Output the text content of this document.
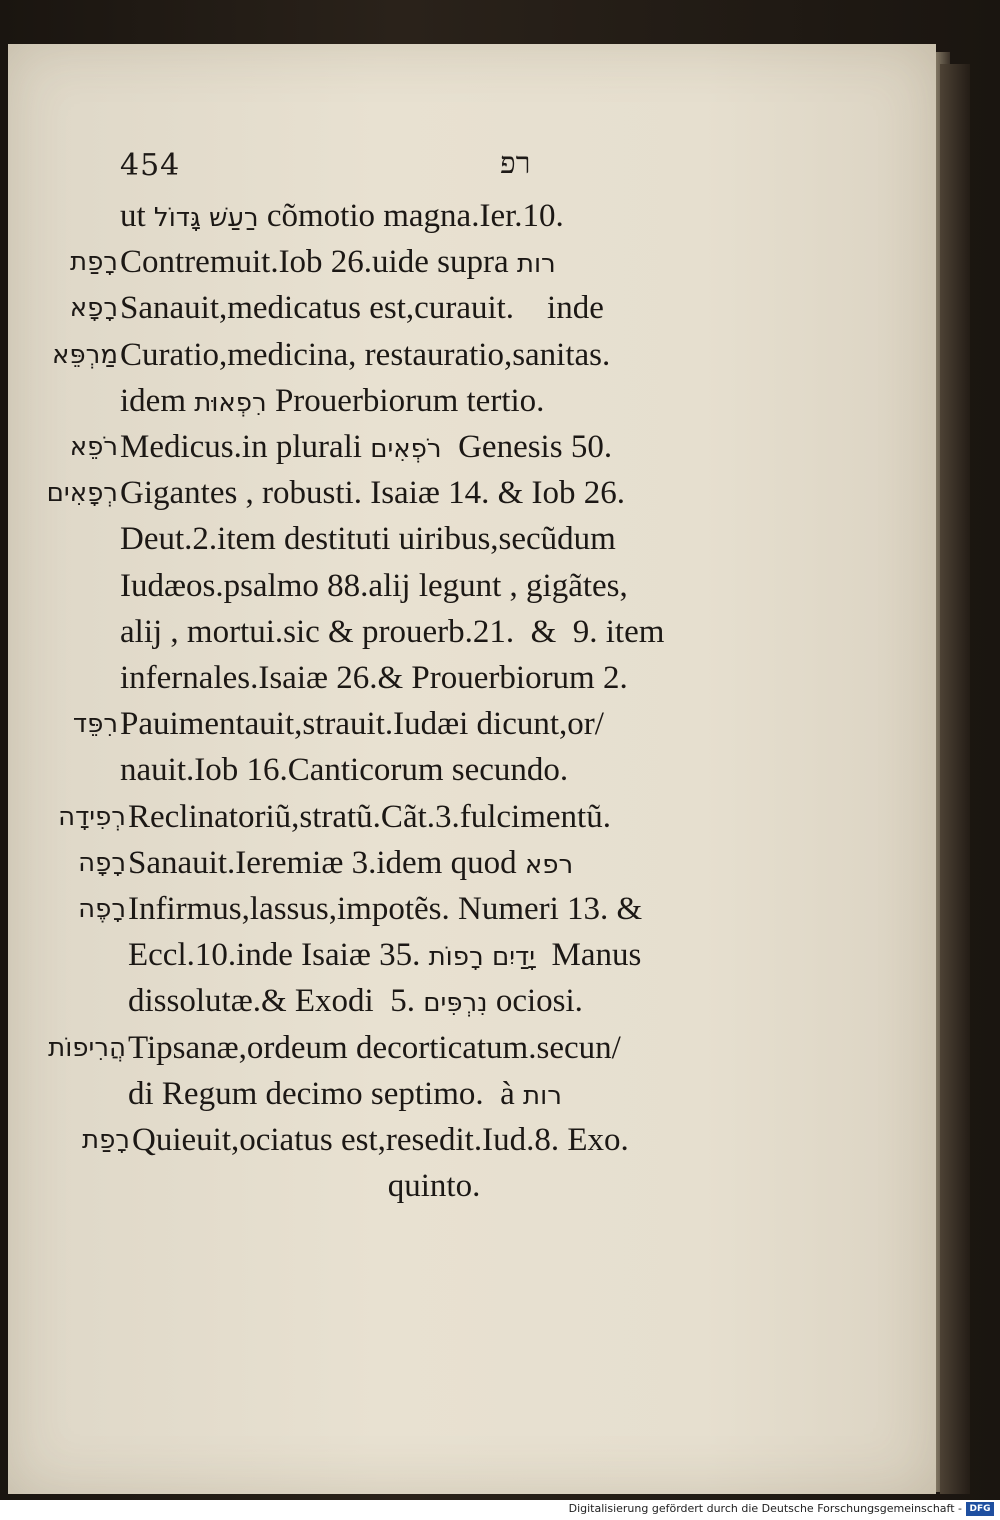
454	רפ
ut רַעַשׁ גָּדוֹל cõmotio magna.Ier.10.
רָפַת Contremuit.Iob 26.uide supra רות
רָפָא Sanauit,medicatus est,curauit.    inde
מַרְפֵּא Curatio,medicina, restauratio,sanitas.
idem רִפְאוּת Prouerbiorum tertio.
רֹפֵא Medicus.in plurali רֹפְאִים  Genesis 50.
רְפָאִים Gigantes , robusti. Isaiæ 14. & Iob 26.
Deut.2.item destituti uiribus,secũdum
Iudæos.psalmo 88.alij legunt , gigãtes,
alij , mortui.sic & prouerb.21.  &  9. item
infernales.Isaiæ 26.& Prouerbiorum 2.
רִפֵּד Pauimentauit,strauit.Iudæi dicunt,or/
nauit.Iob 16.Canticorum secundo.
רְפִידָה Reclinatoriũ,stratũ.Cãt.3.fulcimentũ.
רָפָה Sanauit.Ieremiæ 3.idem quod רפא
רָפֶה Infirmus,lassus,impotẽs. Numeri 13. &
Eccl.10.inde Isaiæ 35. יָדַיִם רָפוֹת  Manus
dissolutæ.& Exodi  5. נִרְפִּים ociosi.
הֲרִיפוֹת Tipsanæ,ordeum decorticatum.secun/
di Regum decimo septimo.  à רות
רָפַת Quieuit,ociatus est,resedit.Iud.8. Exo.
quinto.
Digitalisierung gefördert durch die Deutsche Forschungsgemeinschaft - DFG
